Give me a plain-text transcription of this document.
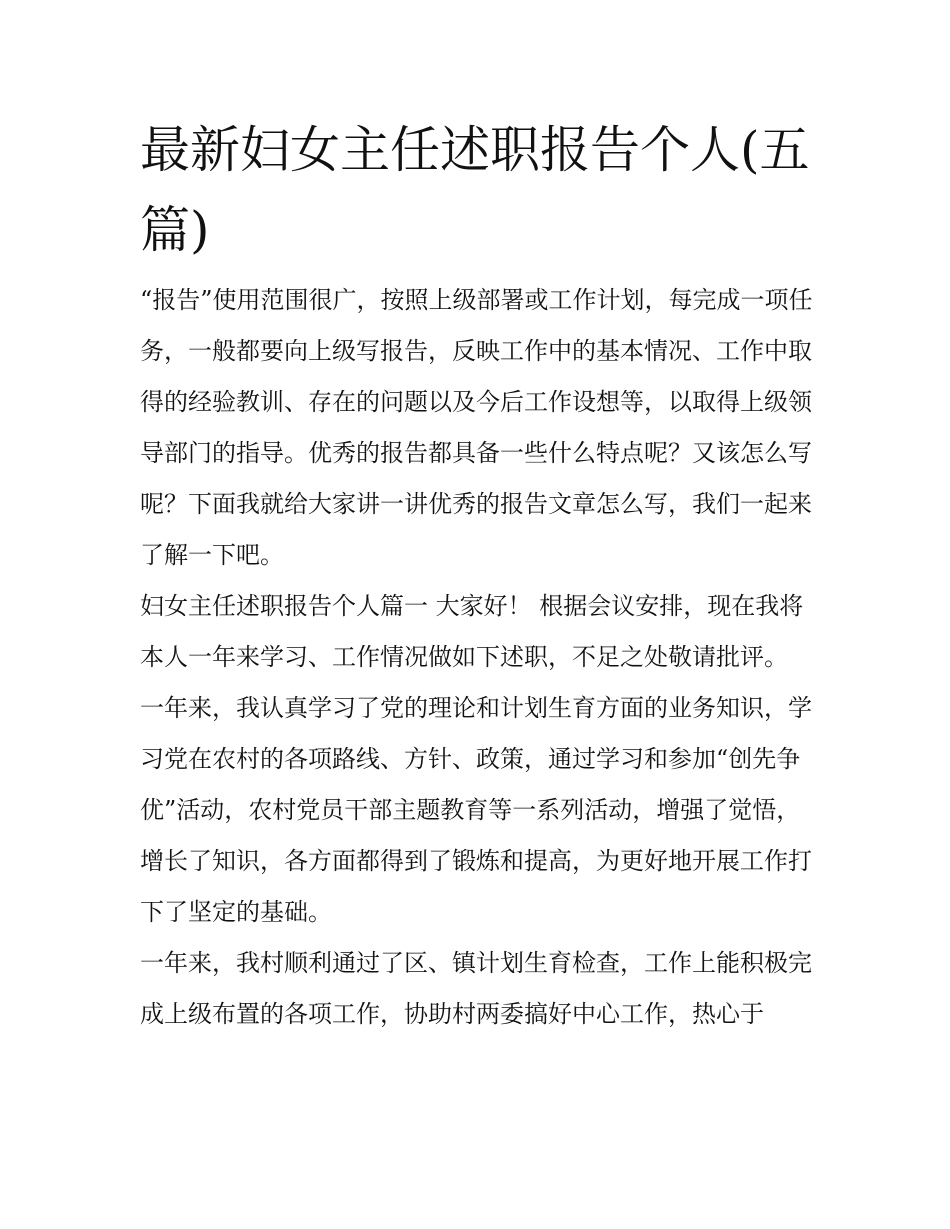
最新妇女主任述职报告个人(五篇)

“报告”使用范围很广，按照上级部署或工作计划，每完成一项任务，一般都要向上级写报告，反映工作中的基本情况、工作中取得的经验教训、存在的问题以及今后工作设想等，以取得上级领导部门的指导。优秀的报告都具备一些什么特点呢？又该怎么写呢？下面我就给大家讲一讲优秀的报告文章怎么写，我们一起来了解一下吧。

妇女主任述职报告个人篇一 大家好！ 根据会议安排，现在我将本人一年来学习、工作情况做如下述职，不足之处敬请批评。

一年来，我认真学习了党的理论和计划生育方面的业务知识，学习党在农村的各项路线、方针、政策，通过学习和参加“创先争优”活动，农村党员干部主题教育等一系列活动，增强了觉悟，增长了知识，各方面都得到了锻炼和提高，为更好地开展工作打下了坚定的基础。

一年来，我村顺利通过了区、镇计划生育检查，工作上能积极完成上级布置的各项工作，协助村两委搞好中心工作，热心于
